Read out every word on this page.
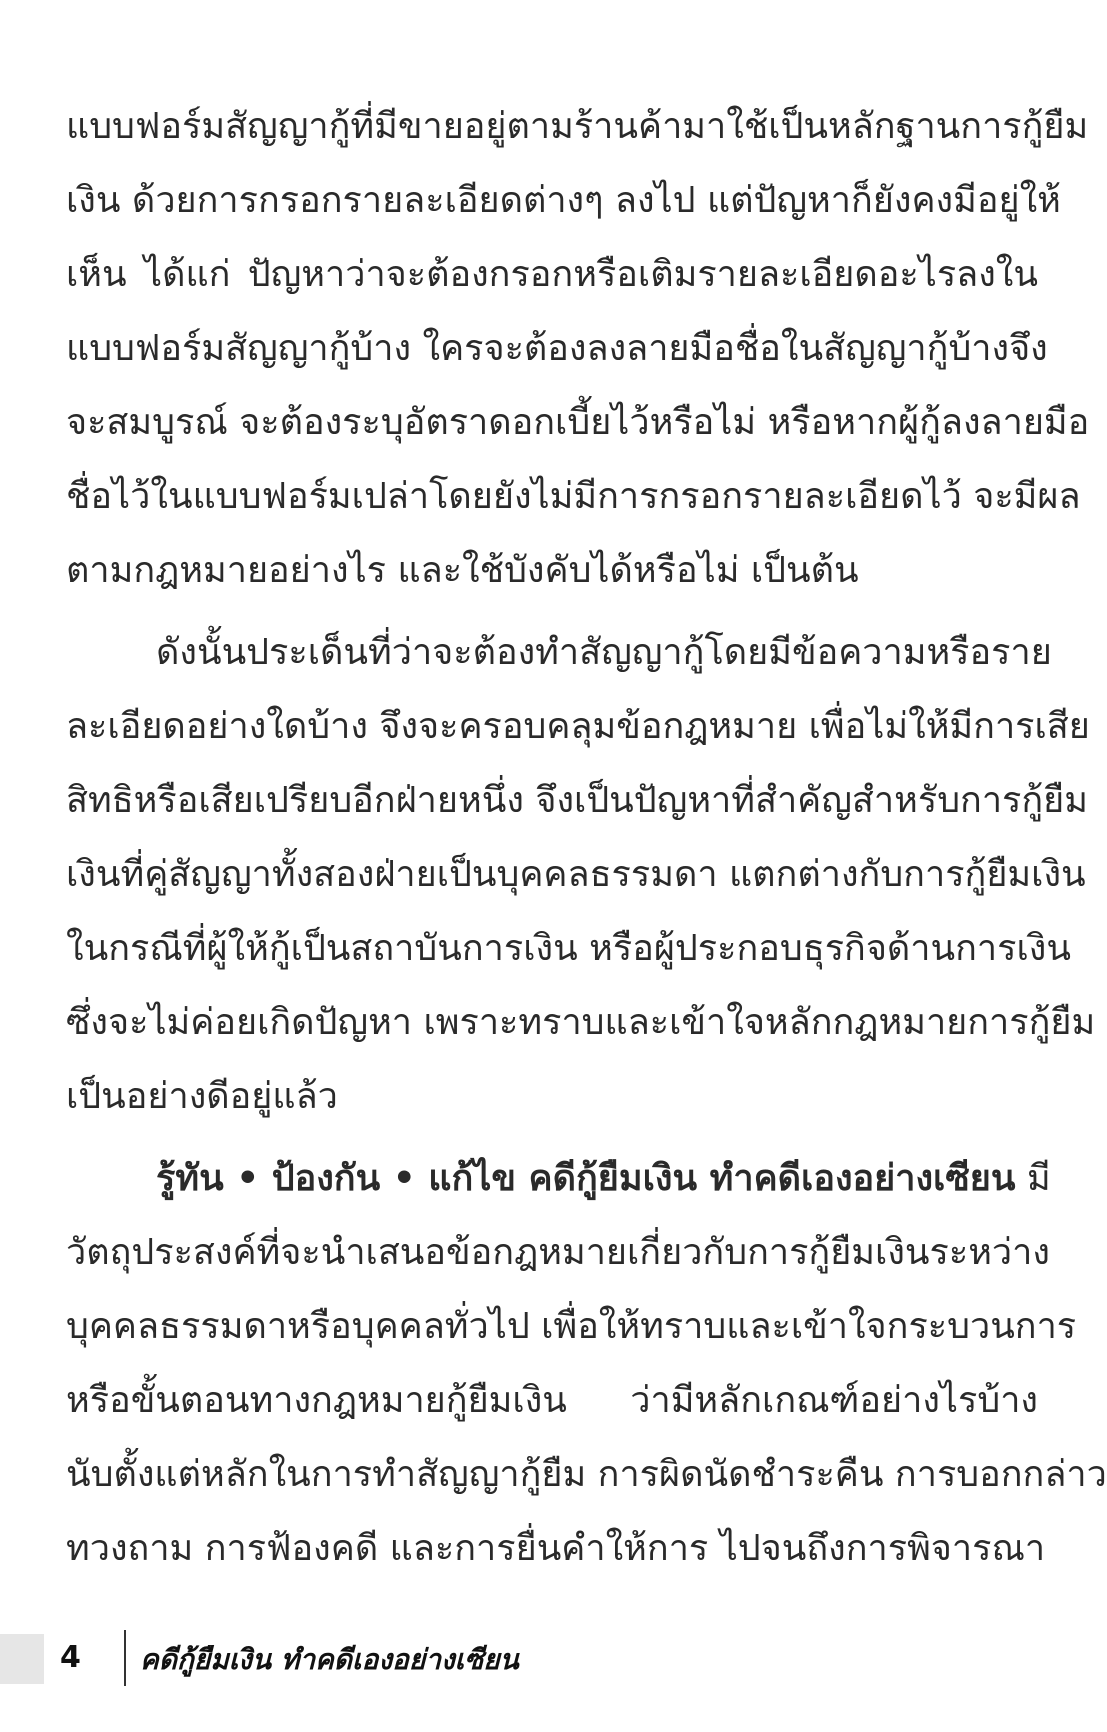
แบบฟอร์มสัญญากู้ที่มีขายอยู่ตามร้านค้ามาใช้เป็นหลักฐานการกู้ยืม
เงิน ด้วยการกรอกรายละเอียดต่างๆ ลงไป แต่ปัญหาก็ยังคงมีอยู่ให้
เห็น ได้แก่ ปัญหาว่าจะต้องกรอกหรือเติมรายละเอียดอะไรลงใน
แบบฟอร์มสัญญากู้บ้าง ใครจะต้องลงลายมือชื่อในสัญญากู้บ้างจึง
จะสมบูรณ์ จะต้องระบุอัตราดอกเบี้ยไว้หรือไม่ หรือหากผู้กู้ลงลายมือ
ชื่อไว้ในแบบฟอร์มเปล่าโดยยังไม่มีการกรอกรายละเอียดไว้ จะมีผล
ตามกฎหมายอย่างไร และใช้บังคับได้หรือไม่ เป็นต้น
ดังนั้นประเด็นที่ว่าจะต้องทำสัญญากู้โดยมีข้อความหรือราย
ละเอียดอย่างใดบ้าง จึงจะครอบคลุมข้อกฎหมาย เพื่อไม่ให้มีการเสีย
สิทธิหรือเสียเปรียบอีกฝ่ายหนึ่ง จึงเป็นปัญหาที่สำคัญสำหรับการกู้ยืม
เงินที่คู่สัญญาทั้งสองฝ่ายเป็นบุคคลธรรมดา แตกต่างกับการกู้ยืมเงิน
ในกรณีที่ผู้ให้กู้เป็นสถาบันการเงิน หรือผู้ประกอบธุรกิจด้านการเงิน
ซึ่งจะไม่ค่อยเกิดปัญหา เพราะทราบและเข้าใจหลักกฎหมายการกู้ยืม
เป็นอย่างดีอยู่แล้ว
รู้ทัน • ป้องกัน • แก้ไข คดีกู้ยืมเงิน ทำคดีเองอย่างเซียน มี
วัตถุประสงค์ที่จะนำเสนอข้อกฎหมายเกี่ยวกับการกู้ยืมเงินระหว่าง
บุคคลธรรมดาหรือบุคคลทั่วไป เพื่อให้ทราบและเข้าใจกระบวนการ
หรือขั้นตอนทางกฎหมายกู้ยืมเงิน ว่ามีหลักเกณฑ์อย่างไรบ้าง
นับตั้งแต่หลักในการทำสัญญากู้ยืม การผิดนัดชำระคืน การบอกกล่าว
ทวงถาม การฟ้องคดี และการยื่นคำให้การ ไปจนถึงการพิจารณา
4 คดีกู้ยืมเงิน ทำคดีเองอย่างเซียน
